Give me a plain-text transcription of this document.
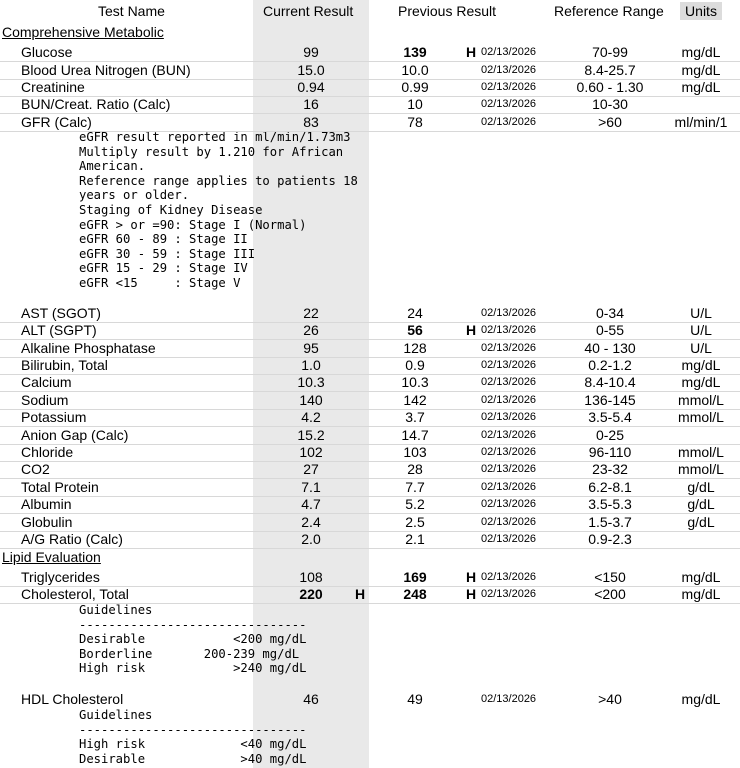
Test Name	Current Result	Previous Result	Reference Range	Units
Comprehensive Metabolic
Lipid Evaluation
eGFR result reported in ml/min/1.73m3
Multiply result by 1.210 for African
American.
Reference range applies to patients 18
years or older.
Staging of Kidney Disease
eGFR > or =90: Stage I (Normal)
eGFR 60 - 89 : Stage II
eGFR 30 - 59 : Stage III
eGFR 15 - 29 : Stage IV
eGFR <15     : Stage V
Guidelines
-------------------------------
Desirable            <200 mg/dL
Borderline       200-239 mg/dL
High risk            >240 mg/dL
Guidelines
-------------------------------
High risk             <40 mg/dL
Desirable             >40 mg/dL
Glucose	99	139	H 02/13/2026	70-99	mg/dL
Blood Urea Nitrogen (BUN)	15.0	10.0	02/13/2026	8.4-25.7	mg/dL
Creatinine	0.94	0.99	02/13/2026	0.60 - 1.30	mg/dL
BUN/Creat. Ratio (Calc)	16	10	02/13/2026	10-30
GFR (Calc)	83	78	02/13/2026	>60	ml/min/1
AST (SGOT)	22	24	02/13/2026	0-34	U/L
ALT (SGPT)	26	56	H 02/13/2026	0-55	U/L
Alkaline Phosphatase	95	128	02/13/2026	40 - 130	U/L
Bilirubin, Total	1.0	0.9	02/13/2026	0.2-1.2	mg/dL
Calcium	10.3	10.3	02/13/2026	8.4-10.4	mg/dL
Sodium	140	142	02/13/2026	136-145	mmol/L
Potassium	4.2	3.7	02/13/2026	3.5-5.4	mmol/L
Anion Gap (Calc)	15.2	14.7	02/13/2026	0-25
Chloride	102	103	02/13/2026	96-110	mmol/L
CO2	27	28	02/13/2026	23-32	mmol/L
Total Protein	7.1	7.7	02/13/2026	6.2-8.1	g/dL
Albumin	4.7	5.2	02/13/2026	3.5-5.3	g/dL
Globulin	2.4	2.5	02/13/2026	1.5-3.7	g/dL
A/G Ratio (Calc)	2.0	2.1	02/13/2026	0.9-2.3
Triglycerides	108	169	H 02/13/2026	<150	mg/dL
Cholesterol, Total	220	H	248	H 02/13/2026	<200	mg/dL
HDL Cholesterol	46	49	02/13/2026	>40	mg/dL
